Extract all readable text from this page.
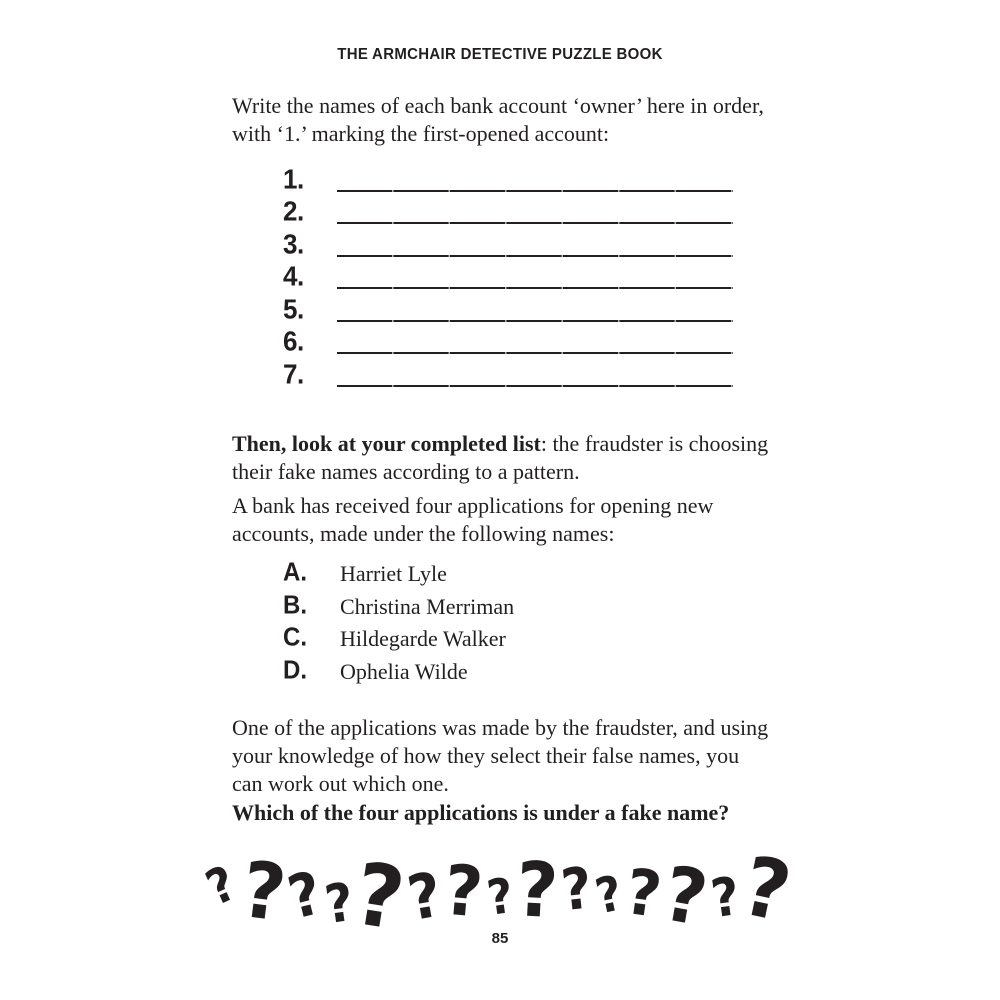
THE ARMCHAIR DETECTIVE PUZZLE BOOK
Write the names of each bank account ‘owner’ here in order, with ‘1.’ marking the first-opened account:
1.
2.
3.
4.
5.
6.
7.
Then, look at your completed list: the fraudster is choosing their fake names according to a pattern.
A bank has received four applications for opening new accounts, made under the following names:
A.	Harriet Lyle
B.	Christina Merriman
C.	Hildegarde Walker
D.	Ophelia Wilde
One of the applications was made by the fraudster, and using your knowledge of how they select their false names, you can work out which one.
Which of the four applications is under a fake name?
?
?
?
?
?
?
?
?
?
?
?
?
?
?
?
85
